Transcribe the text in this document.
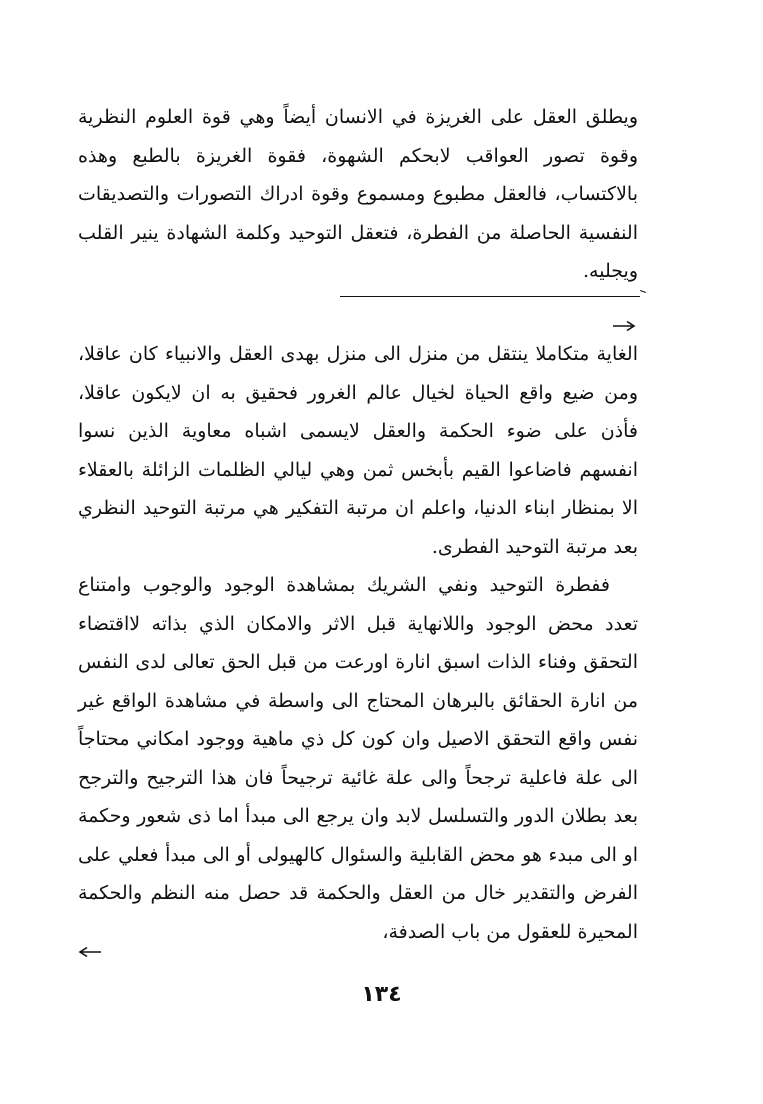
ويطلق العقل على الغريزة في الانسان أيضاً وهي قوة العلوم النظرية وقوة تصور العواقب لابحكم الشهوة، فقوة الغريزة بالطبع وهذه بالاكتساب، فالعقل مطبوع ومسموع وقوة ادراك التصورات والتصديقات النفسية الحاصلة من الفطرة، فتعقل التوحيد وكلمة الشهادة ينير القلب ويجليه.

الغاية متكاملا ينتقل من منزل الى منزل بهدى العقل والانبياء كان عاقلا، ومن ضيع واقع الحياة لخيال عالم الغرور فحقيق به ان لايكون عاقلا، فأذن على ضوء الحكمة والعقل لايسمى اشباه معاوية الذين نسوا انفسهم فاضاعوا القيم بأبخس ثمن وهي ليالي الظلمات الزائلة بالعقلاء الا بمنظار ابناء الدنيا، واعلم ان مرتبة التفكير هي مرتبة التوحيد النظري بعد مرتبة التوحيد الفطرى.

ففطرة التوحيد ونفي الشريك بمشاهدة الوجود والوجوب وامتناع تعدد محض الوجود واللانهاية قبل الاثر والامكان الذي بذاته لااقتضاء التحقق وفناء الذات اسبق انارة اورعت من قبل الحق تعالى لدى النفس من انارة الحقائق بالبرهان المحتاج الى واسطة في مشاهدة الواقع غير نفس واقع التحقق الاصيل وان كون كل ذي ماهية ووجود امكاني محتاجاً الى علة فاعلية ترجحاً والى علة غائية ترجيحاً فان هذا الترجيح والترجح بعد بطلان الدور والتسلسل لابد وان يرجع الى مبدأ اما ذى شعور وحكمة او الى مبدء هو محض القابلية والسئوال كالهيولى أو الى مبدأ فعلي على الفرض والتقدير خال من العقل والحكمة قد حصل منه النظم والحكمة المحيرة للعقول من باب الصدفة،

١٣٤
